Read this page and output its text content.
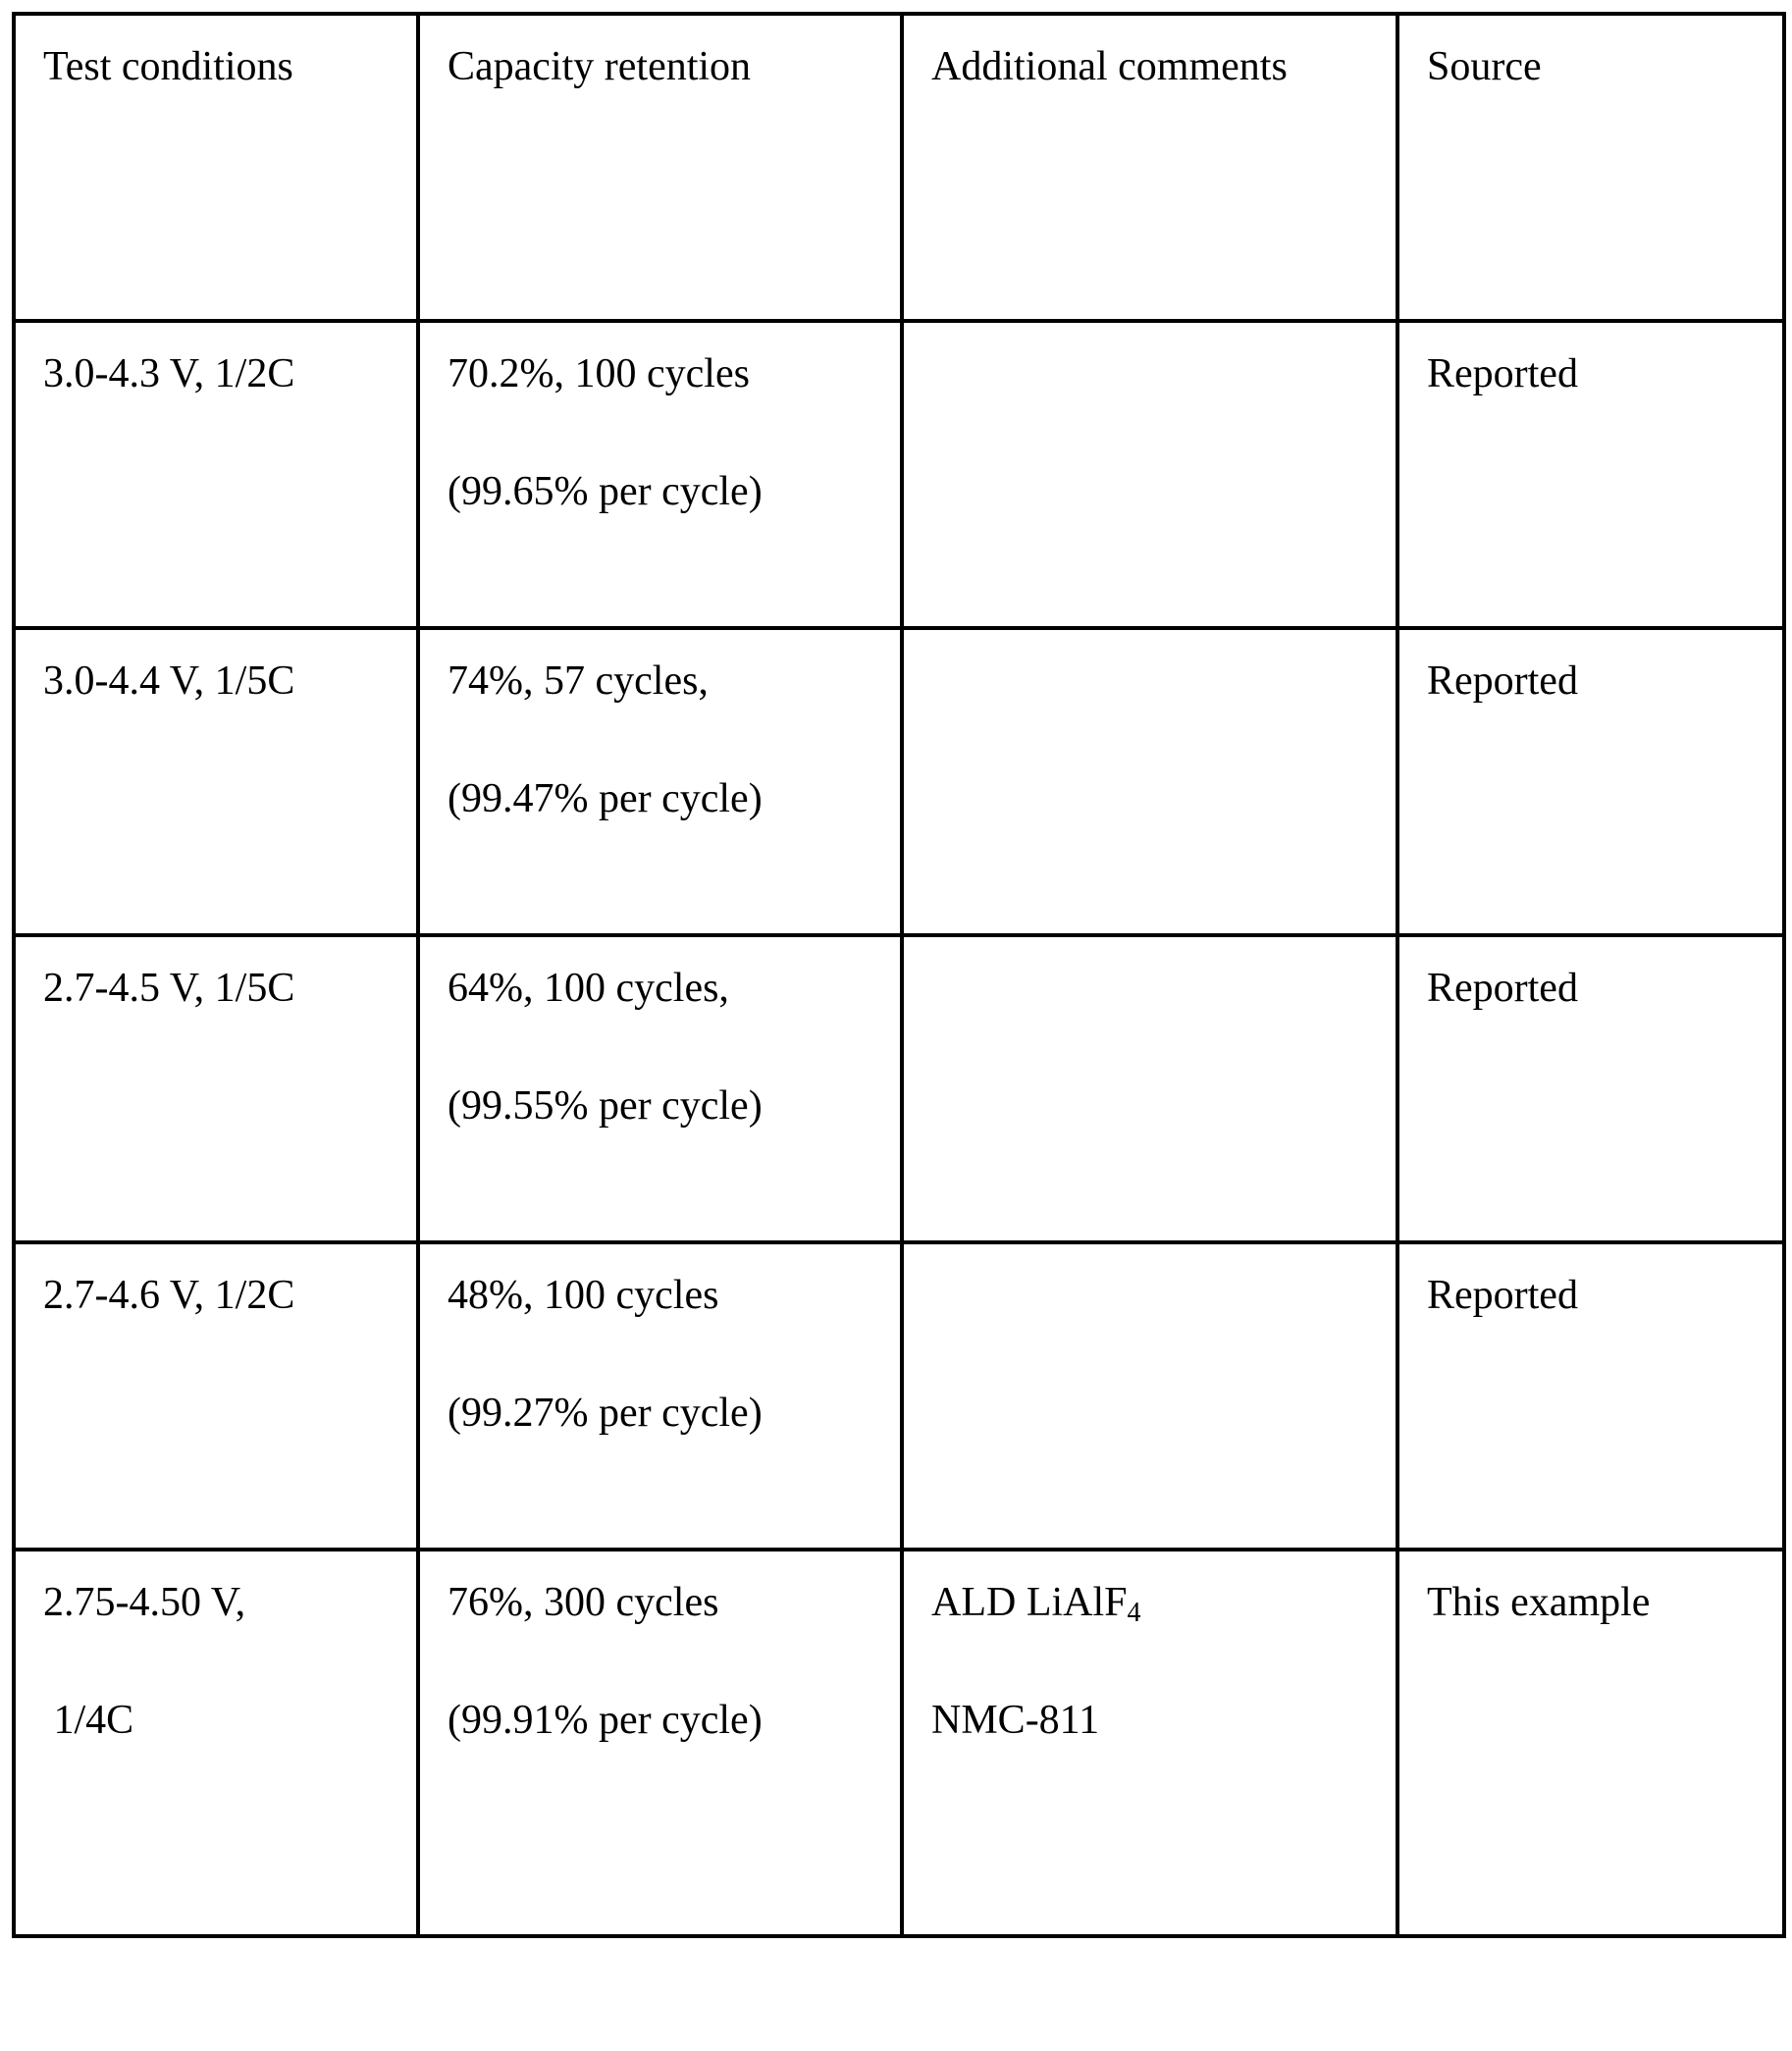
Test conditions	Capacity retention	Additional comments	Source

3.0-4.3 V, 1/2C	70.2%, 100 cycles
(99.65% per cycle)

Reported

3.0-4.4 V, 1/5C	74%, 57 cycles,
(99.47% per cycle)

Reported

2.7-4.5 V, 1/5C	64%, 100 cycles,
(99.55% per cycle)

Reported

2.7-4.6 V, 1/2C	48%, 100 cycles
(99.27% per cycle)

Reported

2.75-4.50 V,
1/4C

76%, 300 cycles
(99.91% per cycle)

ALD LiAlF4
NMC-811

This example
